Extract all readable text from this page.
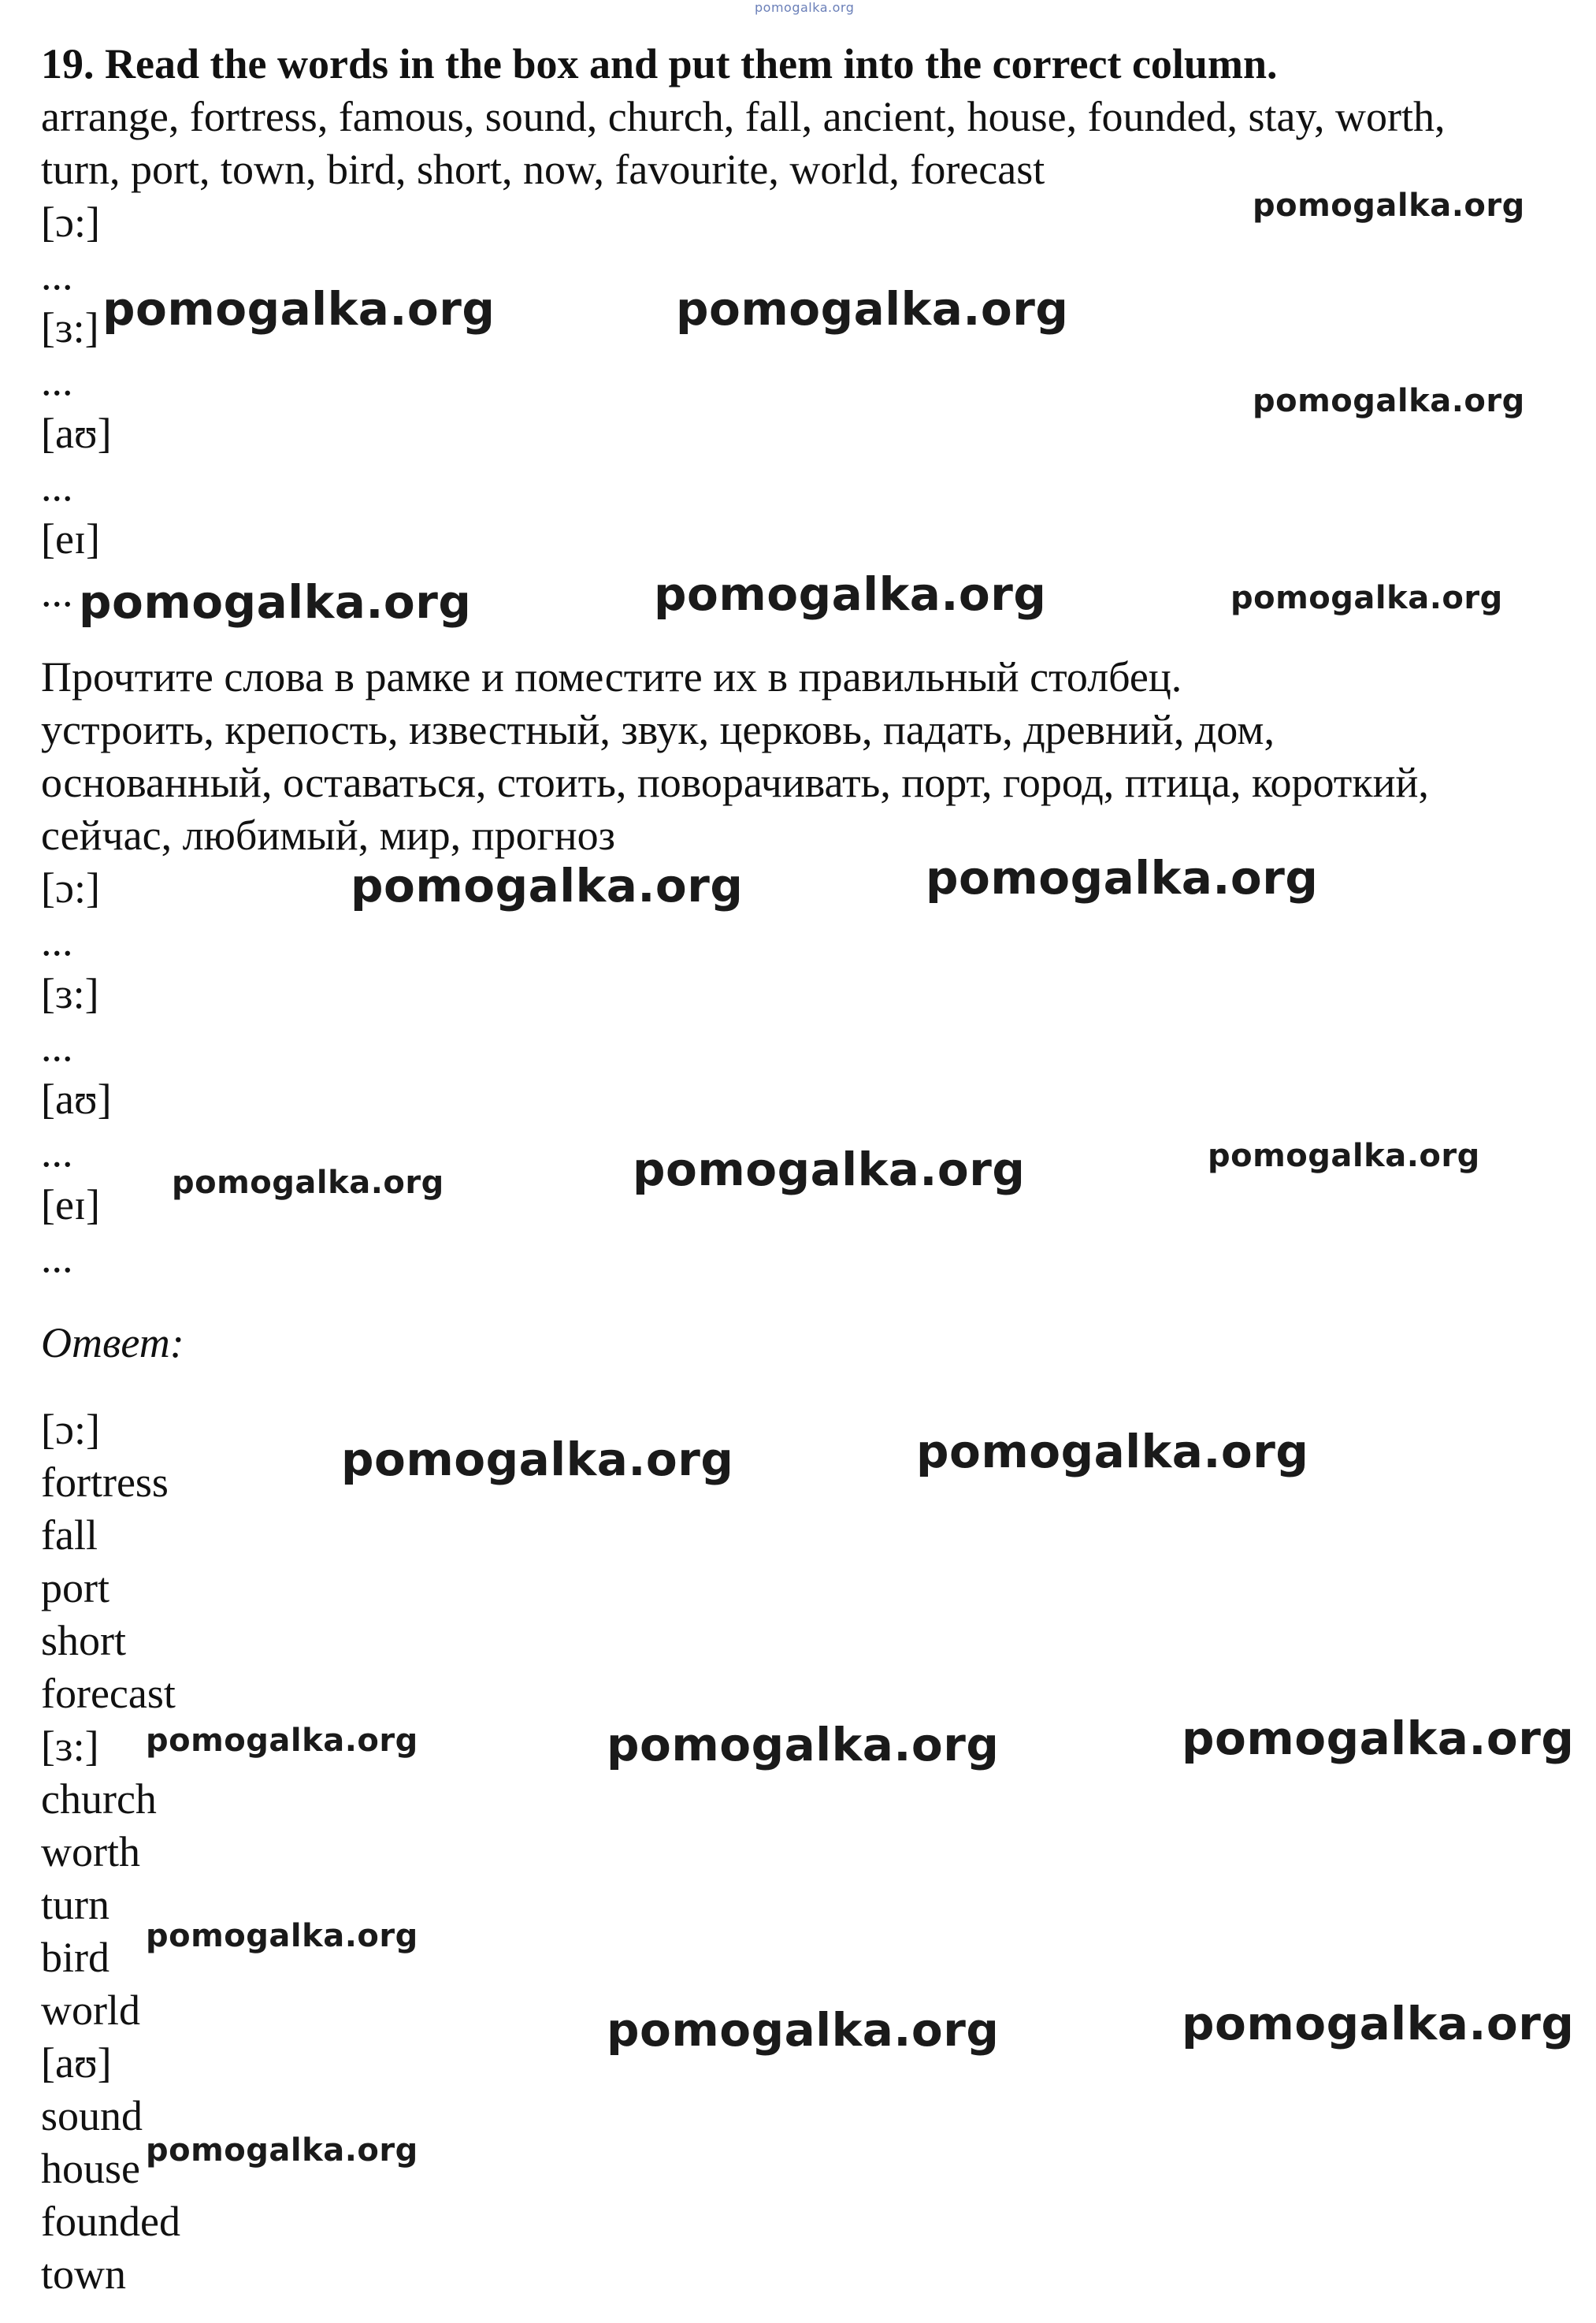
pomogalka.org
19. Read the words in the box and put them into the correct column.
arrange, fortress, famous, sound, church, fall, ancient, house, founded, stay, worth,
turn, port, town, bird, short, now, favourite, world, forecast
[ɔ:]
...
[ɜ:]
...
[aʊ]
...
[eɪ]
...
Прочтите слова в рамке и поместите их в правильный столбец.
устроить, крепость, известный, звук, церковь, падать, древний, дом,
основанный, оставаться, стоить, поворачивать, порт, город, птица, короткий,
сейчас, любимый, мир, прогноз
[ɔ:]
...
[ɜ:]
...
[aʊ]
...
[eɪ]
...
Ответ:
[ɔ:]
fortress
fall
port
short
forecast
[ɜ:]
church
worth
turn
bird
world
[aʊ]
sound
house
founded
town
pomogalka.org
pomogalka.org	pomogalka.org
pomogalka.org
pomogalka.org	pomogalka.org	pomogalka.org
pomogalka.org	pomogalka.org
pomogalka.org	pomogalka.org	pomogalka.org
pomogalka.org	pomogalka.org
pomogalka.org	pomogalka.org	pomogalka.org
pomogalka.org
pomogalka.org	pomogalka.org
pomogalka.org
